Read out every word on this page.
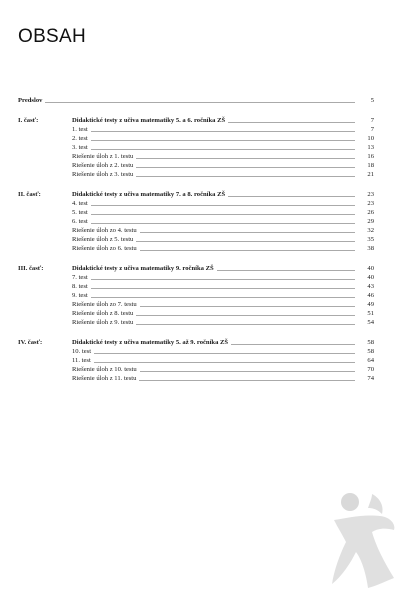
OBSAH
Predslov	5
I. časť:	Didaktické testy z učiva matematiky 5. a 6. ročníka ZŠ	7
1. test	7
2. test	10
3. test	13
Riešenie úloh z 1. testu	16
Riešenie úloh z 2. testu	18
Riešenie úloh z 3. testu	21
II. časť:	Didaktické testy z učiva matematiky 7. a 8. ročníka ZŠ	23
4. test	23
5. test	26
6. test	29
Riešenie úloh zo 4. testu	32
Riešenie úloh z 5. testu	35
Riešenie úloh zo 6. testu	38
III. časť:	Didaktické testy z učiva matematiky 9. ročníka ZŠ	40
7. test	40
8. test	43
9. test	46
Riešenie úloh zo 7. testu	49
Riešenie úloh z 8. testu	51
Riešenie úloh z 9. testu	54
IV. časť:	Didaktické testy z učiva matematiky 5. až 9. ročníka ZŠ	58
10. test	58
11. test	64
Riešenie úloh z 10. testu	70
Riešenie úloh z 11. testu	74
